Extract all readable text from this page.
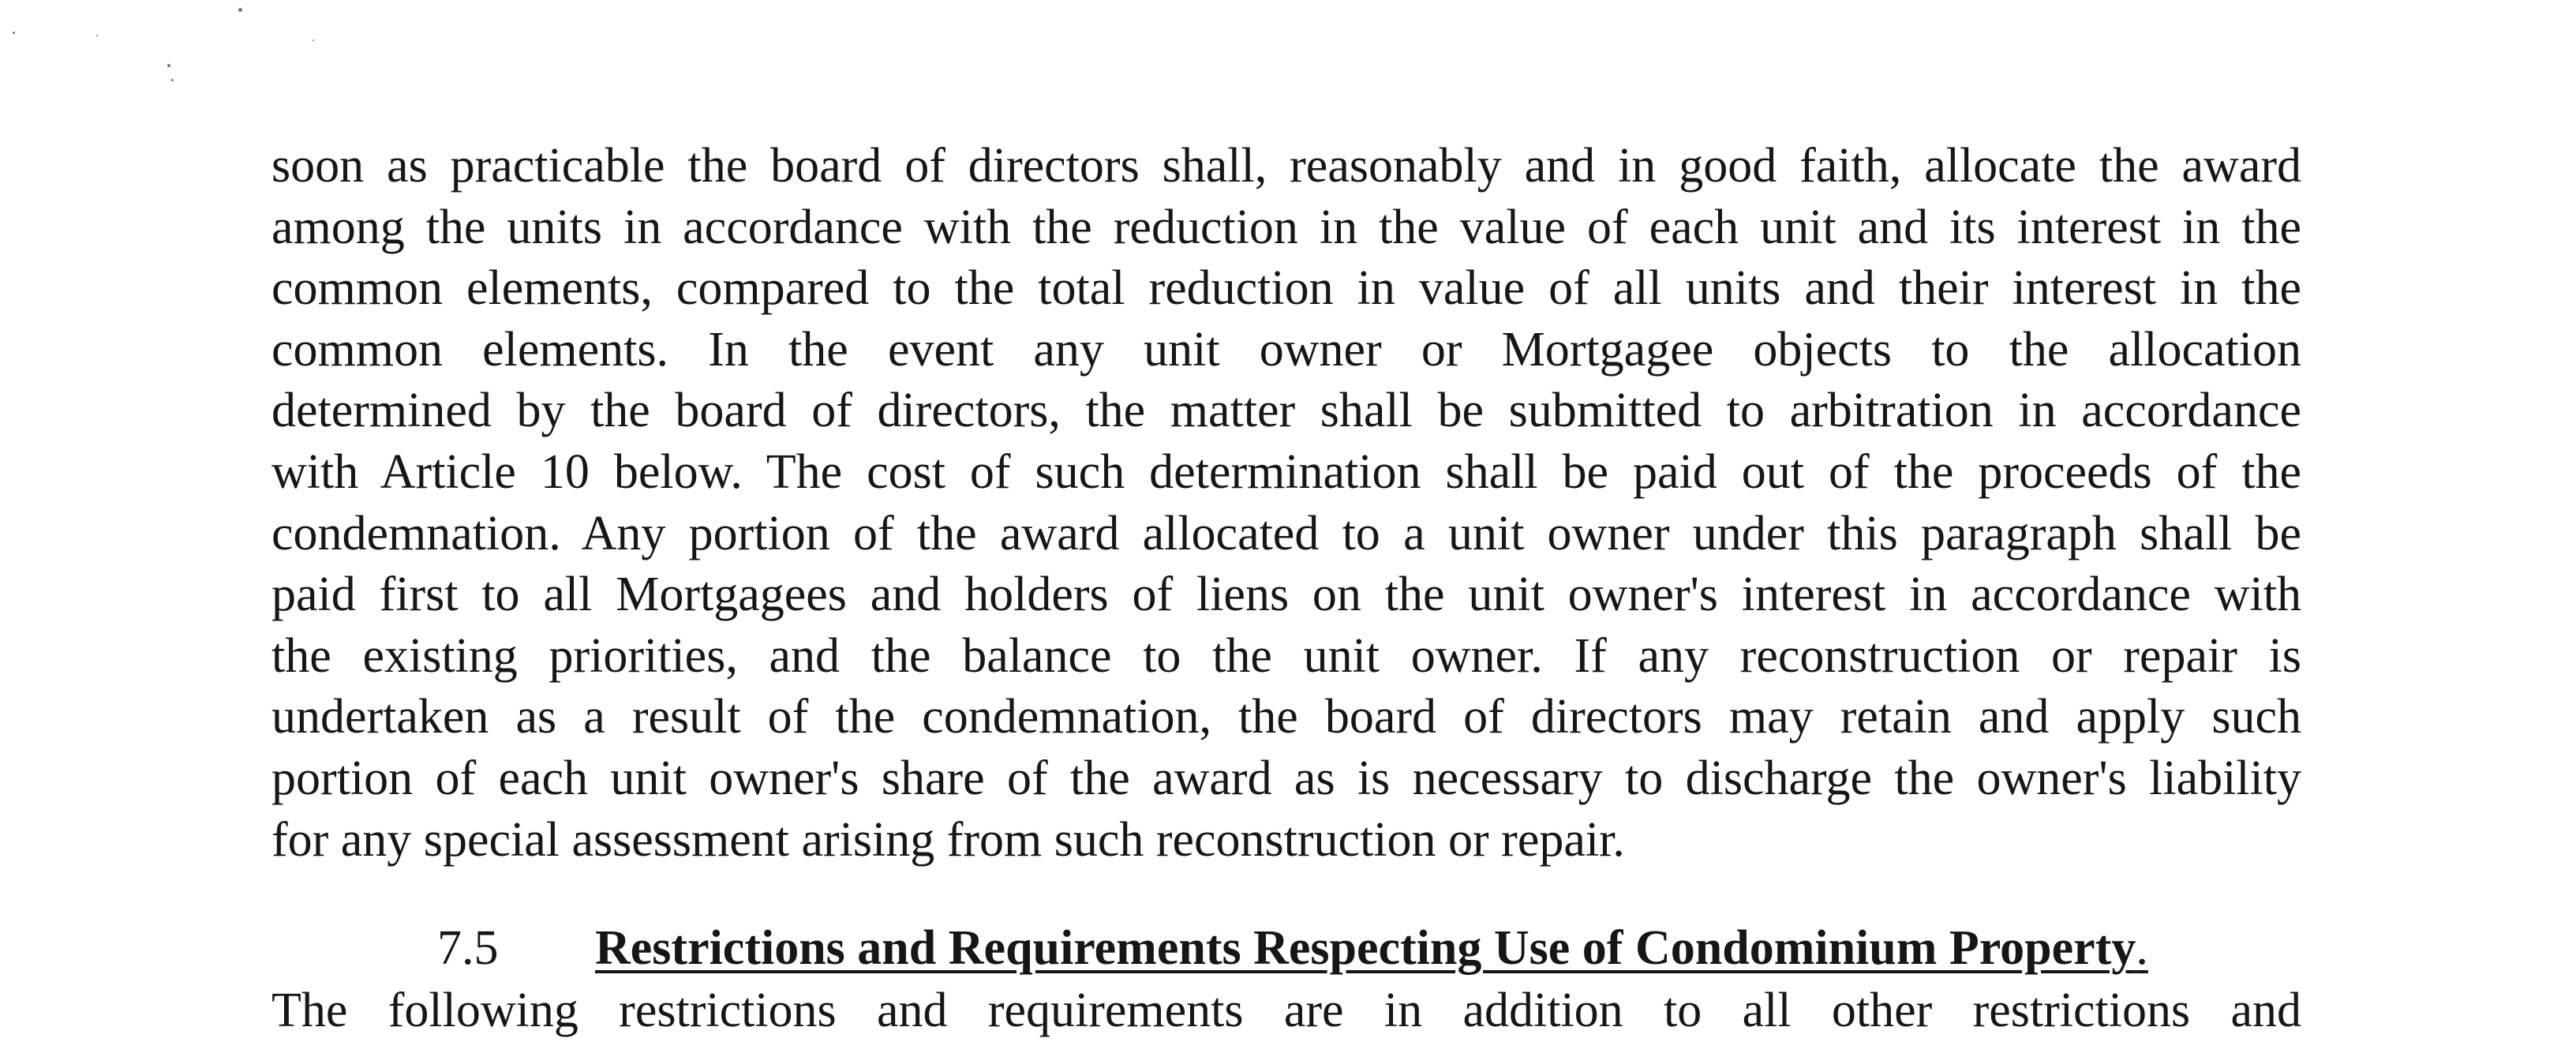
soon as practicable the board of directors shall, reasonably and in good faith, allocate the award
among the units in accordance with the reduction in the value of each unit and its interest in the
common elements, compared to the total reduction in value of all units and their interest in the
common elements. In the event any unit owner or Mortgagee objects to the allocation
determined by the board of directors, the matter shall be submitted to arbitration in accordance
with Article 10 below. The cost of such determination shall be paid out of the proceeds of the
condemnation. Any portion of the award allocated to a unit owner under this paragraph shall be
paid first to all Mortgagees and holders of liens on the unit owner's interest in accordance with
the existing priorities, and the balance to the unit owner. If any reconstruction or repair is
undertaken as a result of the condemnation, the board of directors may retain and apply such
portion of each unit owner's share of the award as is necessary to discharge the owner's liability
for any special assessment arising from such reconstruction or repair.
7.5 Restrictions and Requirements Respecting Use of Condominium Property.
The following restrictions and requirements are in addition to all other restrictions and
